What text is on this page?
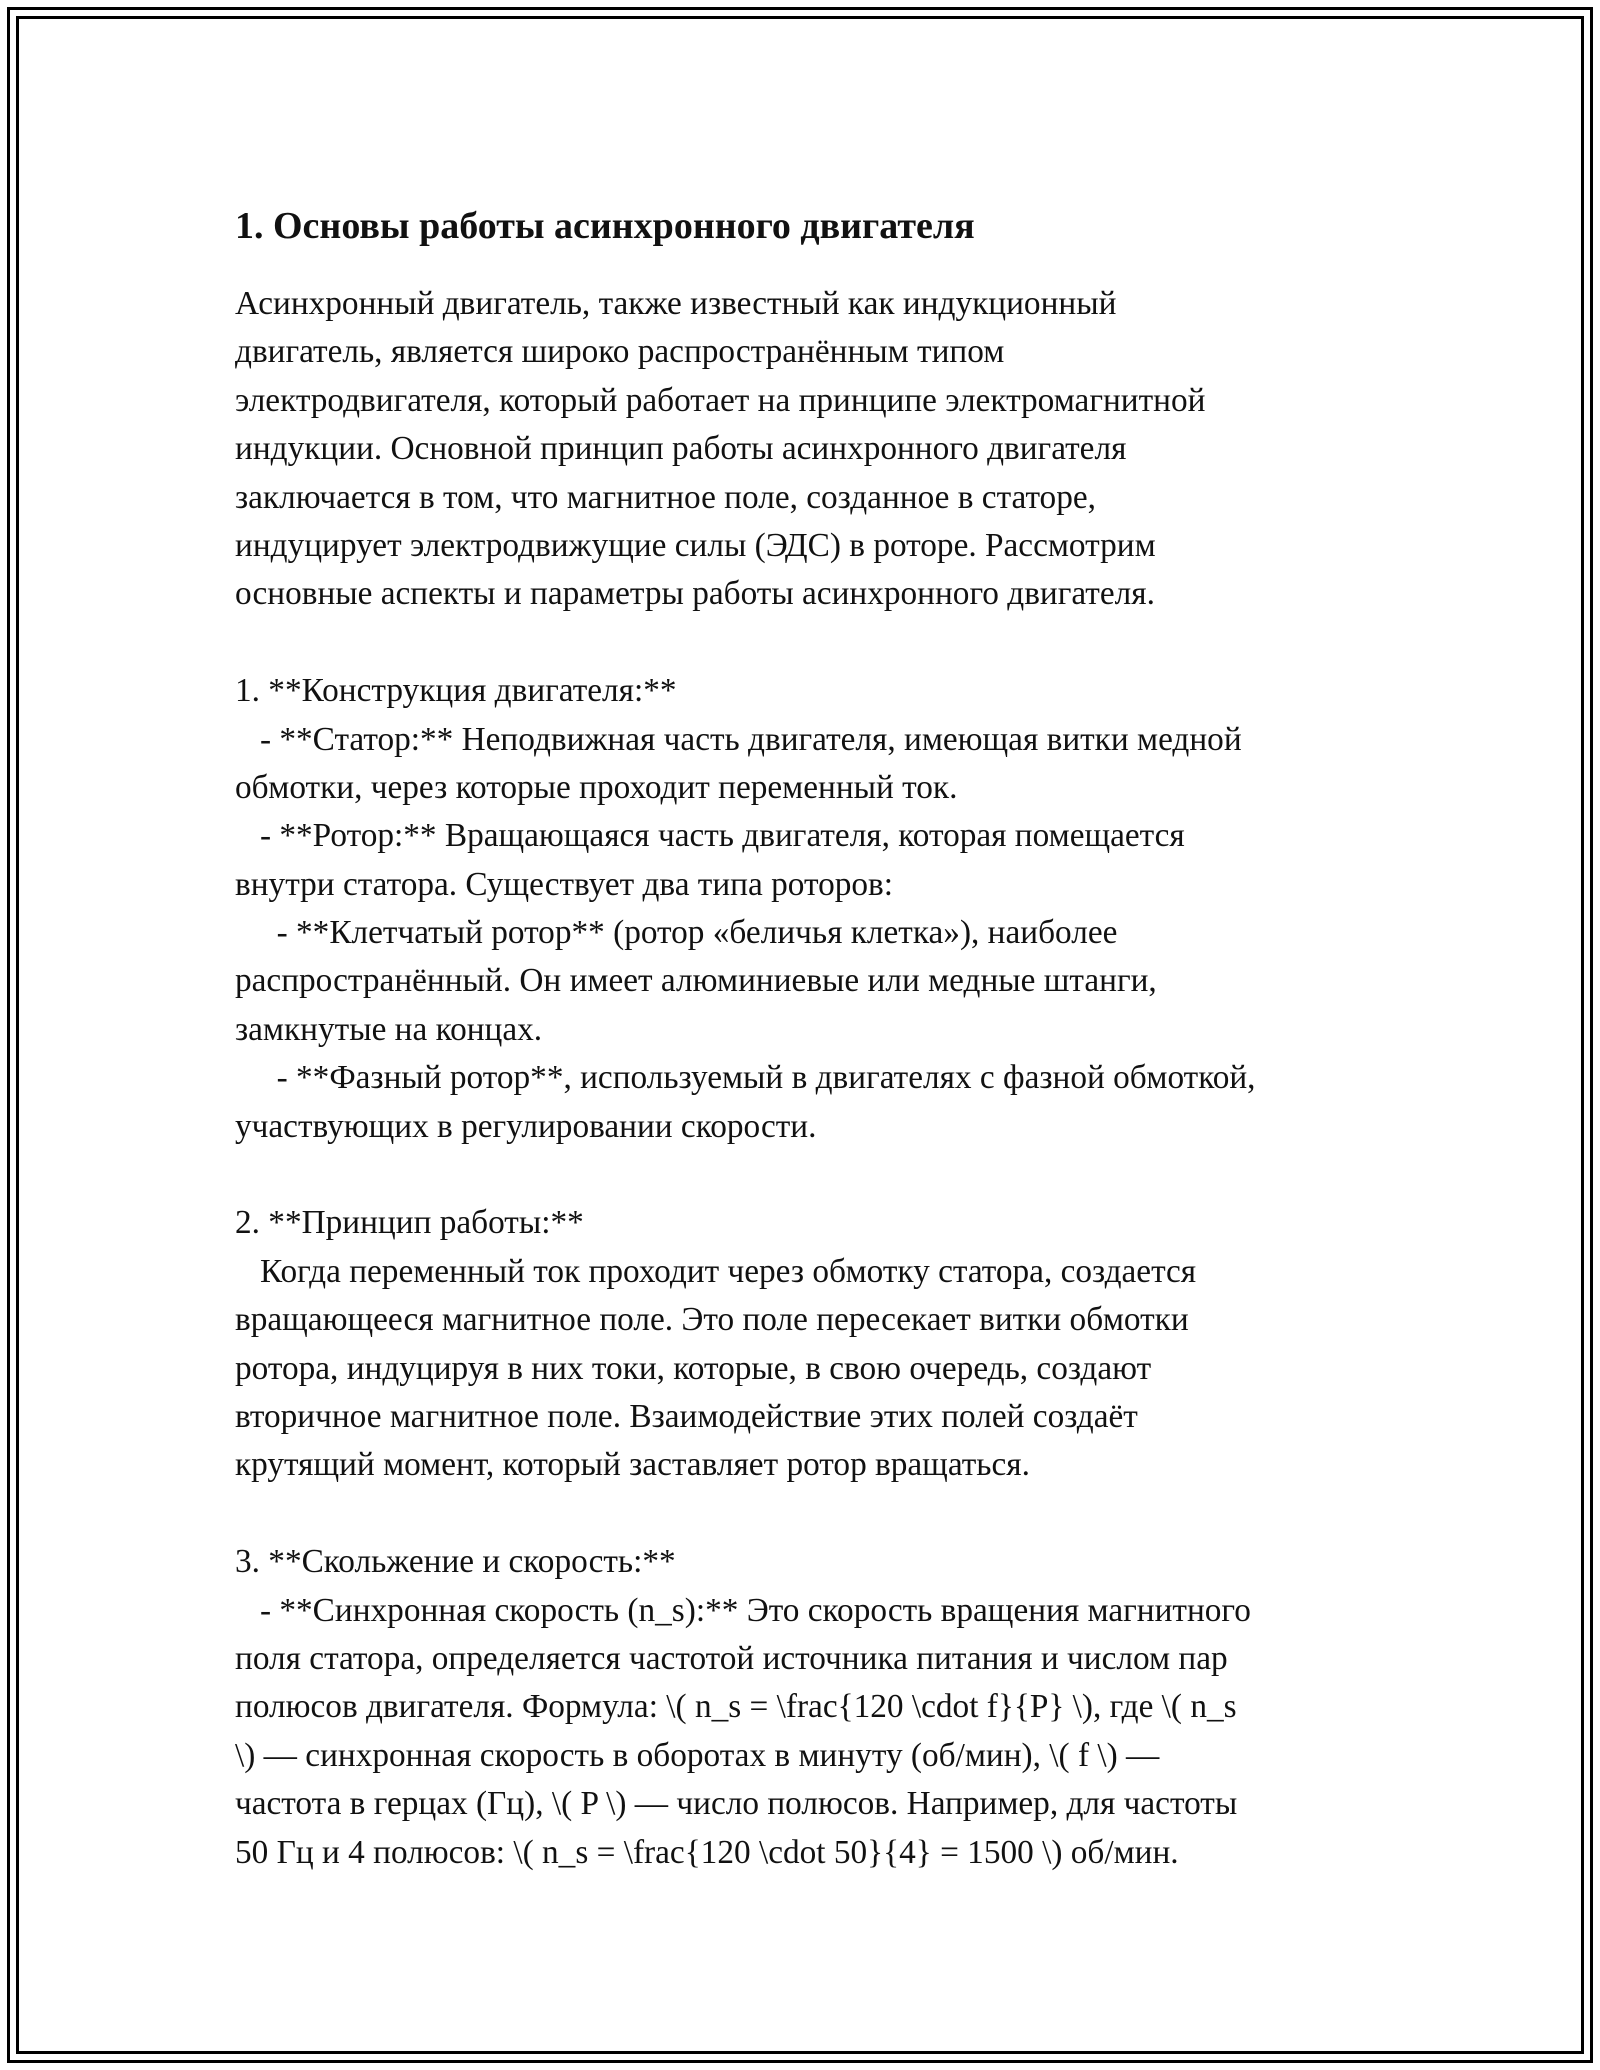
1. Основы работы асинхронного двигателя
Асинхронный двигатель, также известный как индукционный
двигатель, является широко распространённым типом
электродвигателя, который работает на принципе электромагнитной
индукции. Основной принцип работы асинхронного двигателя
заключается в том, что магнитное поле, созданное в статоре,
индуцирует электродвижущие силы (ЭДС) в роторе. Рассмотрим
основные аспекты и параметры работы асинхронного двигателя.
1. **Конструкция двигателя:**
- **Статор:** Неподвижная часть двигателя, имеющая витки медной
обмотки, через которые проходит переменный ток.
- **Ротор:** Вращающаяся часть двигателя, которая помещается
внутри статора. Существует два типа роторов:
- **Клетчатый ротор** (ротор «беличья клетка»), наиболее
распространённый. Он имеет алюминиевые или медные штанги,
замкнутые на концах.
- **Фазный ротор**, используемый в двигателях с фазной обмоткой,
участвующих в регулировании скорости.
2. **Принцип работы:**
Когда переменный ток проходит через обмотку статора, создается
вращающееся магнитное поле. Это поле пересекает витки обмотки
ротора, индуцируя в них токи, которые, в свою очередь, создают
вторичное магнитное поле. Взаимодействие этих полей создаёт
крутящий момент, который заставляет ротор вращаться.
3. **Скольжение и скорость:**
- **Синхронная скорость (n_s):** Это скорость вращения магнитного
поля статора, определяется частотой источника питания и числом пар
полюсов двигателя. Формула: \( n_s = \frac{120 \cdot f}{P} \), где \( n_s
\) — синхронная скорость в оборотах в минуту (об/мин), \( f \) —
частота в герцах (Гц), \( P \) — число полюсов. Например, для частоты
50 Гц и 4 полюсов: \( n_s = \frac{120 \cdot 50}{4} = 1500 \) об/мин.
